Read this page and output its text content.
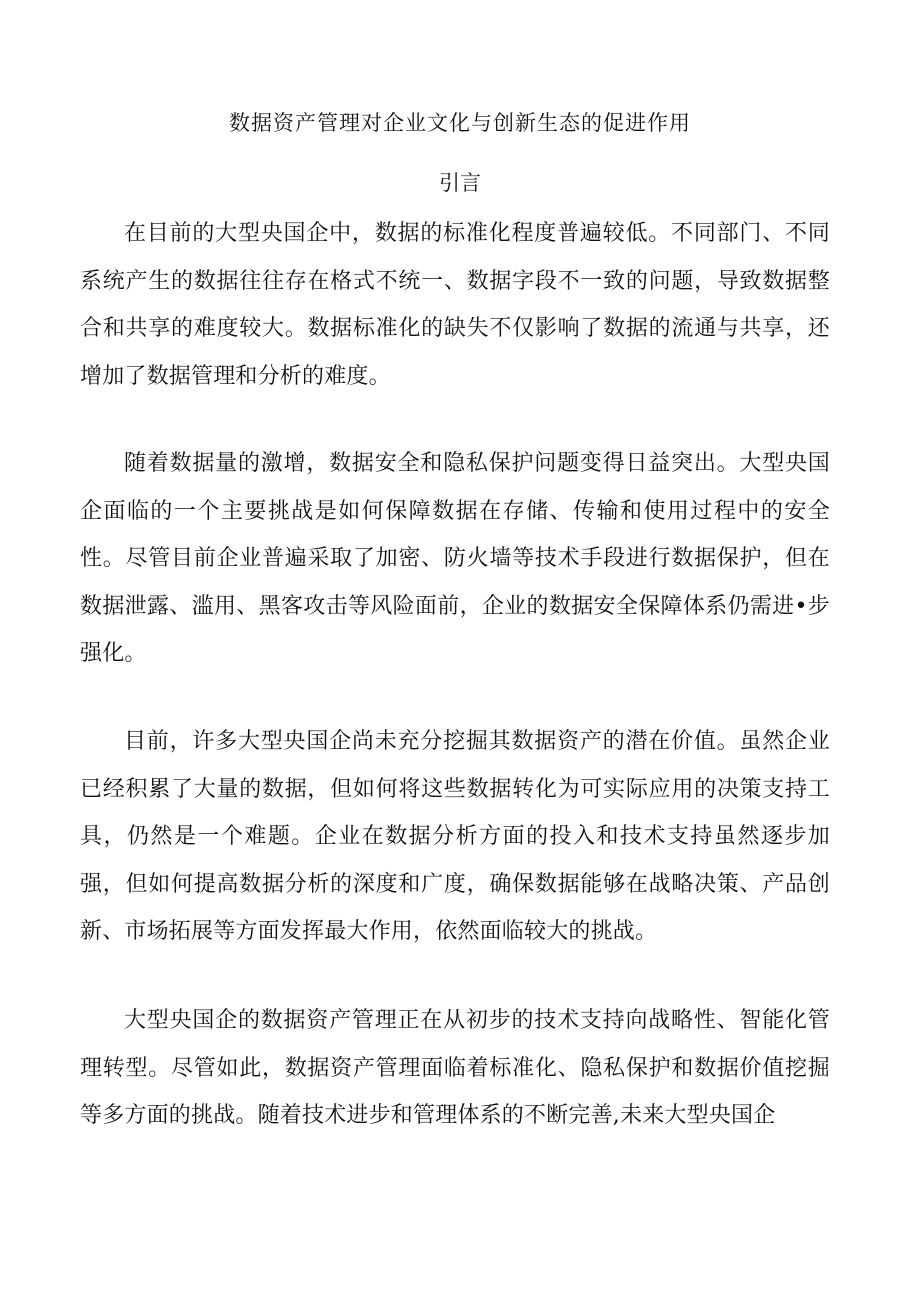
数据资产管理对企业文化与创新生态的促进作用
引言

在目前的大型央国企中，数据的标准化程度普遍较低。不同部门、不同系统产生的数据往往存在格式不统一、数据字段不一致的问题，导致数据整合和共享的难度较大。数据标准化的缺失不仅影响了数据的流通与共享，还增加了数据管理和分析的难度。

随着数据量的激增，数据安全和隐私保护问题变得日益突出。大型央国企面临的一个主要挑战是如何保障数据在存储、传输和使用过程中的安全性。尽管目前企业普遍采取了加密、防火墙等技术手段进行数据保护，但在数据泄露、滥用、黑客攻击等风险面前，企业的数据安全保障体系仍需进•步强化。

目前，许多大型央国企尚未充分挖掘其数据资产的潜在价值。虽然企业已经积累了大量的数据，但如何将这些数据转化为可实际应用的决策支持工具，仍然是一个难题。企业在数据分析方面的投入和技术支持虽然逐步加强，但如何提高数据分析的深度和广度，确保数据能够在战略决策、产品创新、市场拓展等方面发挥最大作用，依然面临较大的挑战。

大型央国企的数据资产管理正在从初步的技术支持向战略性、智能化管理转型。尽管如此，数据资产管理面临着标准化、隐私保护和数据价值挖掘等多方面的挑战。随着技术进步和管理体系的不断完善,未来大型央国企
